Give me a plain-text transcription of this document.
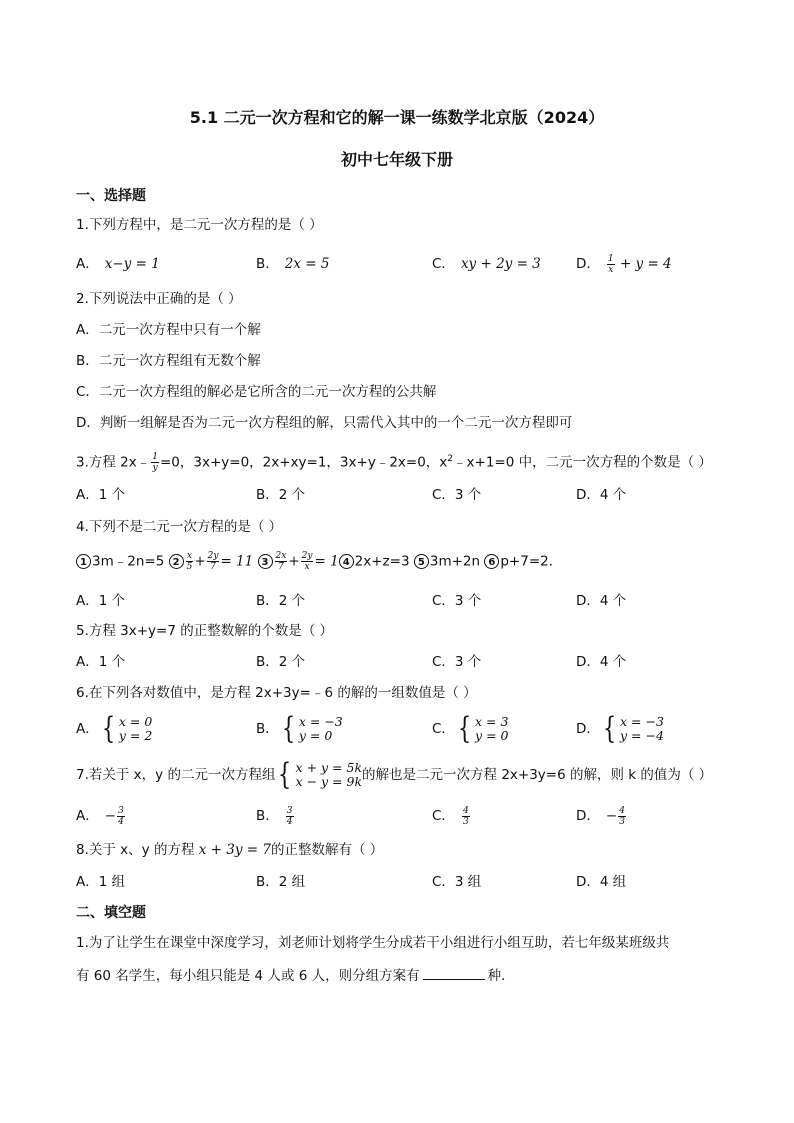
5.1 二元一次方程和它的解一课一练数学北京版（2024）
初中七年级下册
一、选择题
1.下列方程中，是二元一次方程的是（ ）
A． x−y = 1	B． 2x = 5	C． xy + 2y = 3	D． $\frac{1}{x} + y = 4$
2.下列说法中正确的是（ ）
A．二元一次方程中只有一个解
B．二元一次方程组有无数个解
C．二元一次方程组的解必是它所含的二元一次方程的公共解
D．判断一组解是否为二元一次方程组的解，只需代入其中的一个二元一次方程即可
3.方程 2x﹣ $\frac{1}{y} =0$，3x+y=0，2x+xy=1，3x+y﹣2x=0，$x^2﹣x+1=0$ 中，二元一次方程的个数是（ ）
A．1 个	B．2 个	C．3 个	D．4 个
4.下列不是二元一次方程的是（ ）
1 3m﹣2n=5 $2 \frac{x}{5} + \frac{2y}{7} = 11$ $3 \frac{2x}{7} + \frac{2y}{x} = 1$ 4 2x+z=3 5 3m+2n 6 p+7=2．
A．1 个	B．2 个	C．3 个	D．4 个
5.方程 3x+y=7 的正整数解的个数是（ ）
A．1 个	B．2 个	C．3 个	D．4 个
6.在下列各对数值中，是方程 2x+3y=﹣6 的解的一组数值是（ ）
A． { x = 0
y = 2	B． { x = −3
y = 0	C． { x = 3
y = 0	D． { x = −3
y = −4
7.若关于 x，y 的二元一次方程组 { x + y = 5k
x − y = 9k 的解也是二元一次方程 2x+3y=6 的解，则 k 的值为（ ）
A． − $\frac{3}{4}$	B． $\frac{3}{4}$	C． $\frac{4}{3}$	D． − $\frac{4}{3}$
8.关于 x、y 的方程 x + 3y = 7的正整数解有（ ）
A．1 组	B．2 组	C．3 组	D．4 组
二、填空题
1.为了让学生在课堂中深度学习，刘老师计划将学生分成若干小组进行小组互助，若七年级某班级共
有 60 名学生，每小组只能是 4 人或 6 人，则分组方案有	种．
